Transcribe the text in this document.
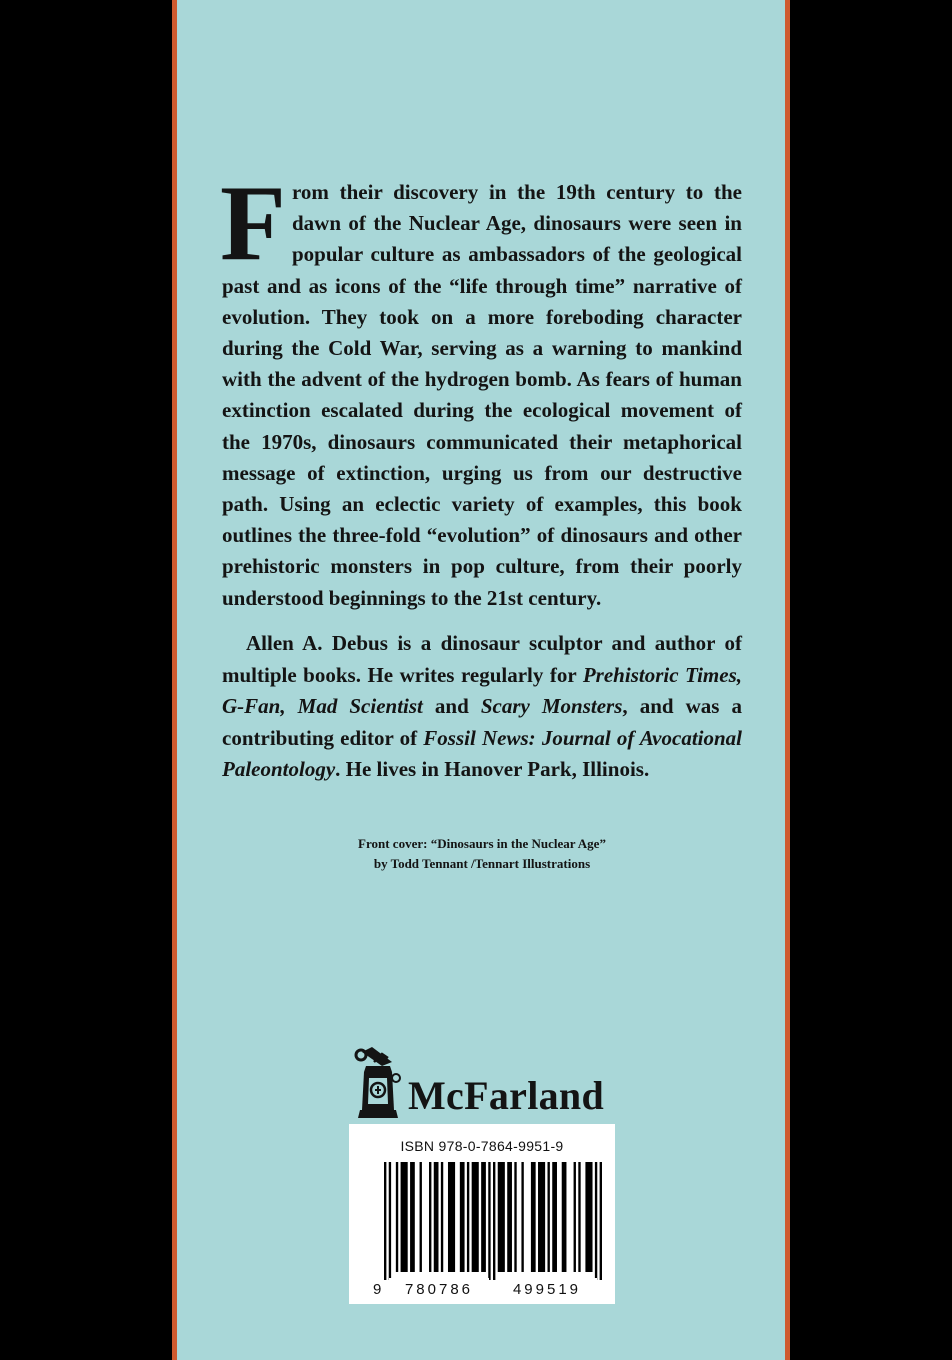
From their discovery in the 19th century to the dawn of the Nuclear Age, dinosaurs were seen in popular culture as ambassadors of the geological past and as icons of the “life through time” narrative of evolution. They took on a more foreboding character during the Cold War, serving as a warning to mankind with the advent of the hydrogen bomb. As fears of human extinction escalated during the ecological movement of the 1970s, dinosaurs communicated their metaphorical message of extinction, urging us from our destructive path. Using an eclectic variety of examples, this book outlines the three-fold “evolution” of dinosaurs and other prehistoric monsters in pop culture, from their poorly understood beginnings to the 21st century.

Allen A. Debus is a dinosaur sculptor and author of multiple books. He writes regularly for Prehistoric Times, G-Fan, Mad Scientist and Scary Monsters, and was a contributing editor of Fossil News: Journal of Avocational Paleontology. He lives in Hanover Park, Illinois.

Front cover: “Dinosaurs in the Nuclear Age”
by Todd Tennant /Tennart Illustrations
McFarland
ISBN 978-0-7864-9951-9
9 780786	499519
